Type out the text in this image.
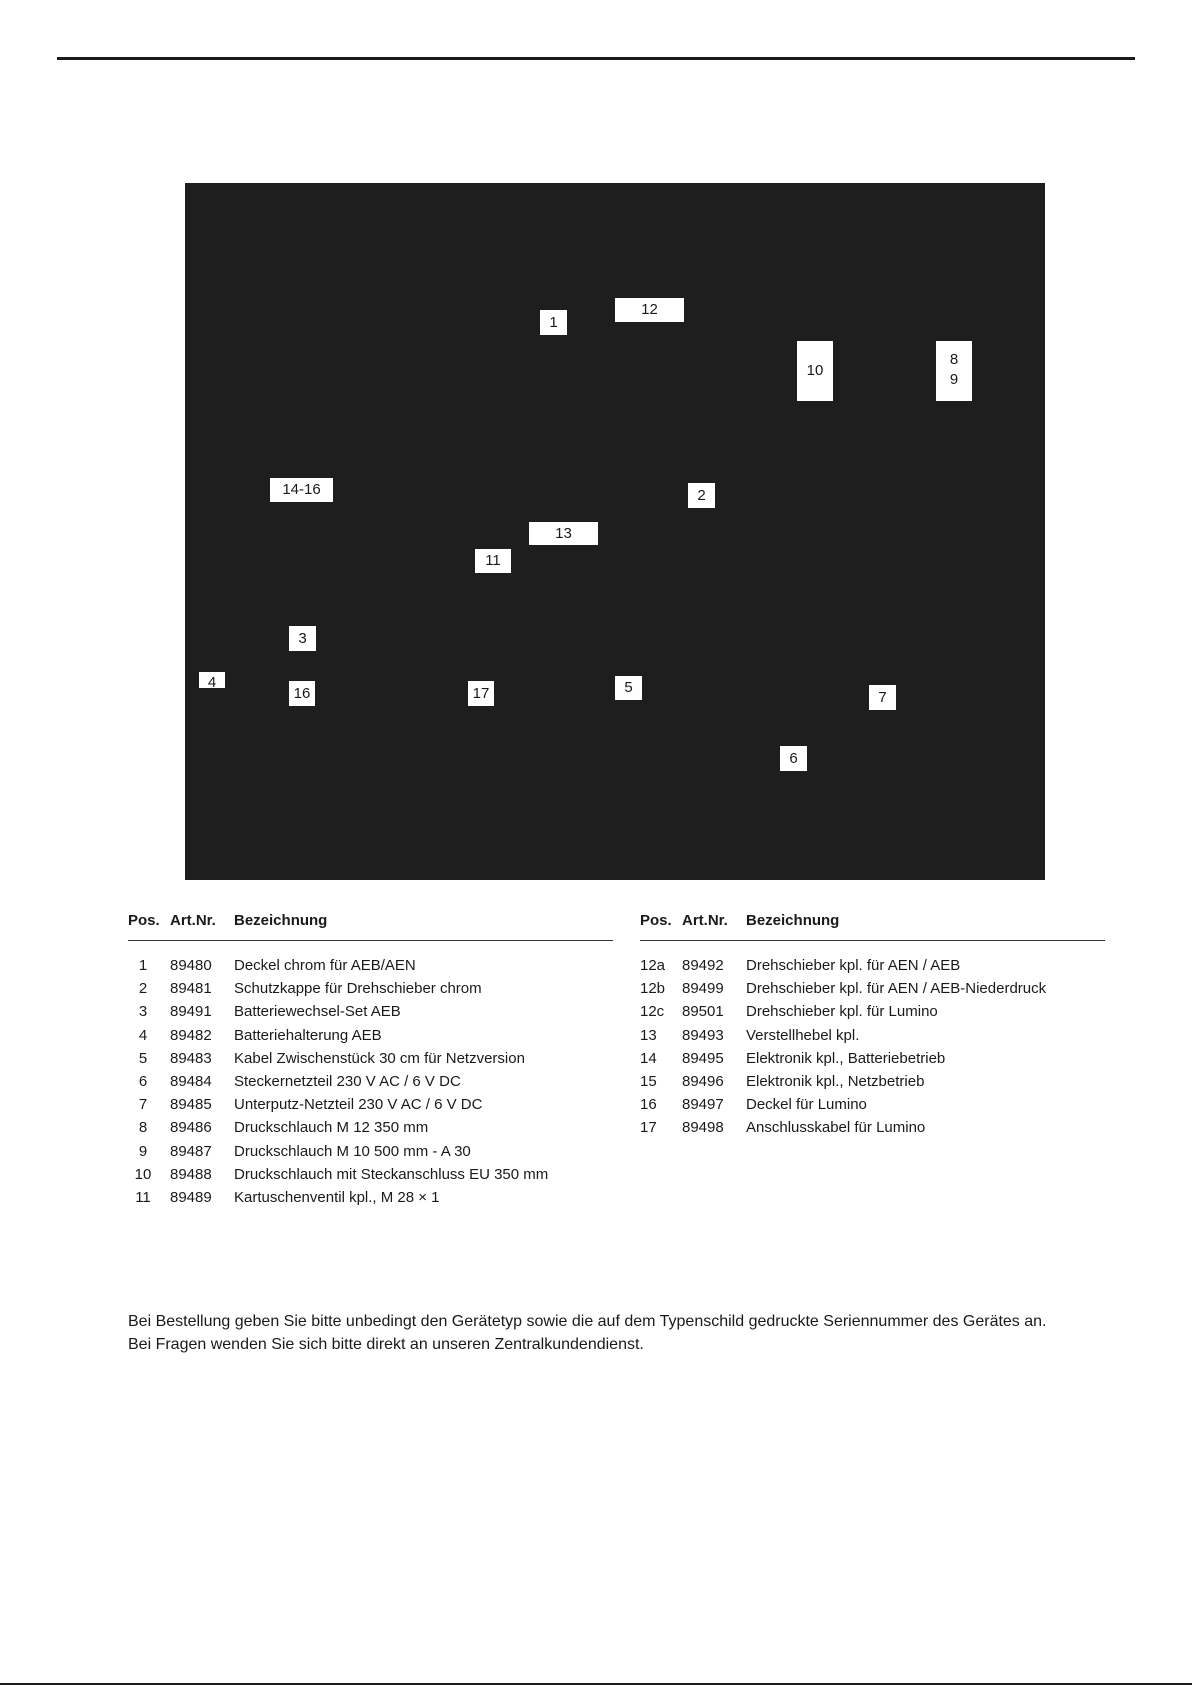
1
12
10
8
9
14-16	2
13
11
3
4
16	17	5
7
6
Pos. Art.Nr.	Bezeichnung
1	89480	Deckel chrom für AEB/AEN
2	89481	Schutzkappe für Drehschieber chrom
3	89491	Batteriewechsel-Set AEB
4	89482	Batteriehalterung AEB
5	89483	Kabel Zwischenstück 30 cm für Netzversion
6	89484	Steckernetzteil 230 V AC / 6 V DC
7	89485	Unterputz-Netzteil 230 V AC / 6 V DC
8	89486	Druckschlauch M 12 350 mm
9	89487	Druckschlauch M 10 500 mm - A 30
10	89488	Druckschlauch mit Steckanschluss EU 350 mm
11	89489	Kartuschenventil kpl., M 28 × 1
Pos. Art.Nr.	Bezeichnung
12a	89492	Drehschieber kpl. für AEN / AEB
12b	89499	Drehschieber kpl. für AEN / AEB-Niederdruck
12c	89501	Drehschieber kpl. für Lumino
13	89493	Verstellhebel kpl.
14	89495	Elektronik kpl., Batteriebetrieb
15	89496	Elektronik kpl., Netzbetrieb
16	89497	Deckel für Lumino
17	89498	Anschlusskabel für Lumino
Bei Bestellung geben Sie bitte unbedingt den Gerätetyp sowie die auf dem Typenschild gedruckte Seriennummer des Gerätes an.
Bei Fragen wenden Sie sich bitte direkt an unseren Zentralkundendienst.
